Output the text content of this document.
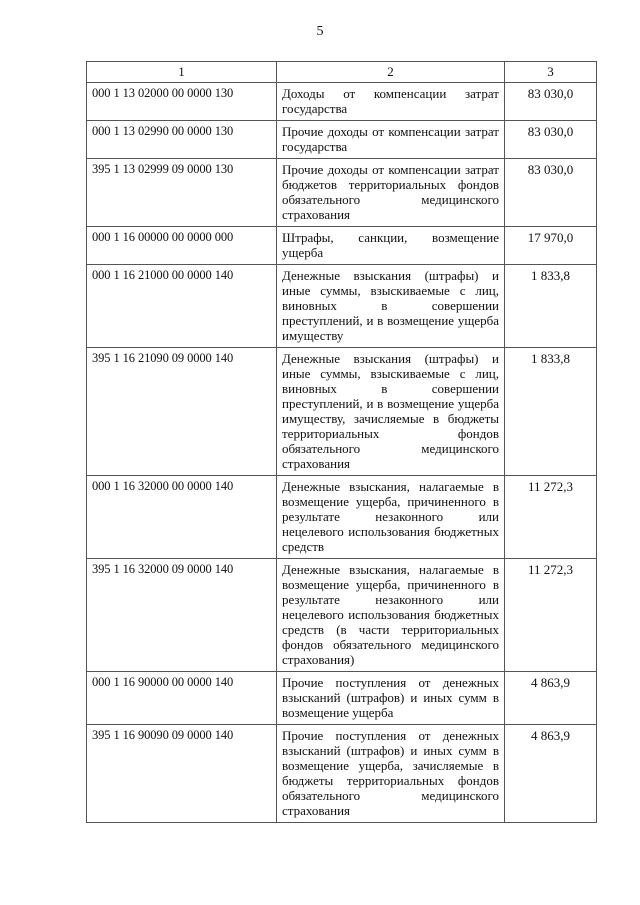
5
1	2	3
000 1 13 02000 00 0000 130	Доходы от компенсации затрат государства	83 030,0
000 1 13 02990 00 0000 130	Прочие доходы от компенсации затрат государства	83 030,0
395 1 13 02999 09 0000 130	Прочие доходы от компенсации затрат бюджетов территориальных фондов обязательного медицинского страхования	83 030,0
000 1 16 00000 00 0000 000	Штрафы, санкции, возмещение ущерба	17 970,0
000 1 16 21000 00 0000 140	Денежные взыскания (штрафы) и иные суммы, взыскиваемые с лиц, виновных в совершении преступлений, и в возмещение ущерба имуществу	1 833,8
395 1 16 21090 09 0000 140	Денежные взыскания (штрафы) и иные суммы, взыскиваемые с лиц, виновных в совершении преступлений, и в возмещение ущерба имуществу, зачисляемые в бюджеты территориальных фондов обязательного медицинского страхования	1 833,8
000 1 16 32000 00 0000 140	Денежные взыскания, налагаемые в возмещение ущерба, причиненного в результате незаконного или нецелевого использования бюджетных средств	11 272,3
395 1 16 32000 09 0000 140	Денежные взыскания, налагаемые в возмещение ущерба, причиненного в результате незаконного или нецелевого использования бюджетных средств (в части территориальных фондов обязательного медицинского страхования)	11 272,3
000 1 16 90000 00 0000 140	Прочие поступления от денежных взысканий (штрафов) и иных сумм в возмещение ущерба	4 863,9
395 1 16 90090 09 0000 140	Прочие поступления от денежных взысканий (штрафов) и иных сумм в возмещение ущерба, зачисляемые в бюджеты территориальных фондов обязательного медицинского страхования	4 863,9
